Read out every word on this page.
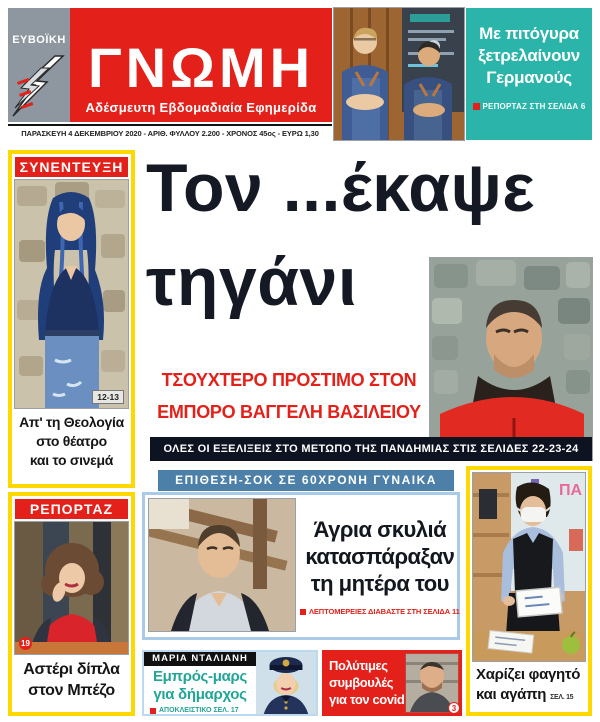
ΕΥΒΟΪΚΗ ΓΝΩΜΗ
Αδέσμευτη Εβδομαδιαία Εφημερίδα
ΠΑΡΑΣΚΕΥΗ 4 ΔΕΚΕΜΒΡΙΟΥ 2020 - ΑΡΙΘ. ΦΥΛΛΟΥ 2.200 - ΧΡΟΝΟΣ 45ος - ΕΥΡΩ 1,30
Με πιτόγυρα
ξετρελαίνουν
Γερμανούς
ΡΕΠΟΡΤΑΖ ΣΤΗ ΣΕΛΙΔΑ 6
ΣΥΝΕΝΤΕΥΞΗ
12-13
Απ' τη Θεολογία
στο θέατρο
και το σινεμά
ΡΕΠΟΡΤΑΖ
19
Αστέρι δίπλα
στον Μπέζο
Τον ...έκαψε
τηγάνι
ΤΣΟΥΧΤΕΡΟ ΠΡΟΣΤΙΜΟ ΣΤΟΝ
ΕΜΠΟΡΟ ΒΑΓΓΕΛΗ ΒΑΣΙΛΕΙΟΥ
ΟΛΕΣ ΟΙ ΕΞΕΛΙΞΕΙΣ ΣΤΟ ΜΕΤΩΠΟ ΤΗΣ ΠΑΝΔΗΜΙΑΣ ΣΤΙΣ ΣΕΛΙΔΕΣ 22-23-24
ΕΠΙΘΕΣΗ-ΣΟΚ ΣΕ 60ΧΡΟΝΗ ΓΥΝΑΙΚΑ
Άγρια σκυλιά
κατασπάραξαν
τη μητέρα του
ΛΕΠΤΟΜΕΡΕΙΕΣ ΔΙΑΒΑΣΤΕ ΣΤΗ ΣΕΛΙΔΑ 11
ΜΑΡΙΑ ΝΤΑΛΙΑΝΗ
Εμπρός-μαρς
για δήμαρχος
ΑΠΟΚΛΕΙΣΤΙΚΟ ΣΕΛ. 17
Πολύτιμες
συμβουλές
για τον covid
3
ΠΑ
Χαρίζει φαγητό
και αγάπη ΣΕΛ. 15
